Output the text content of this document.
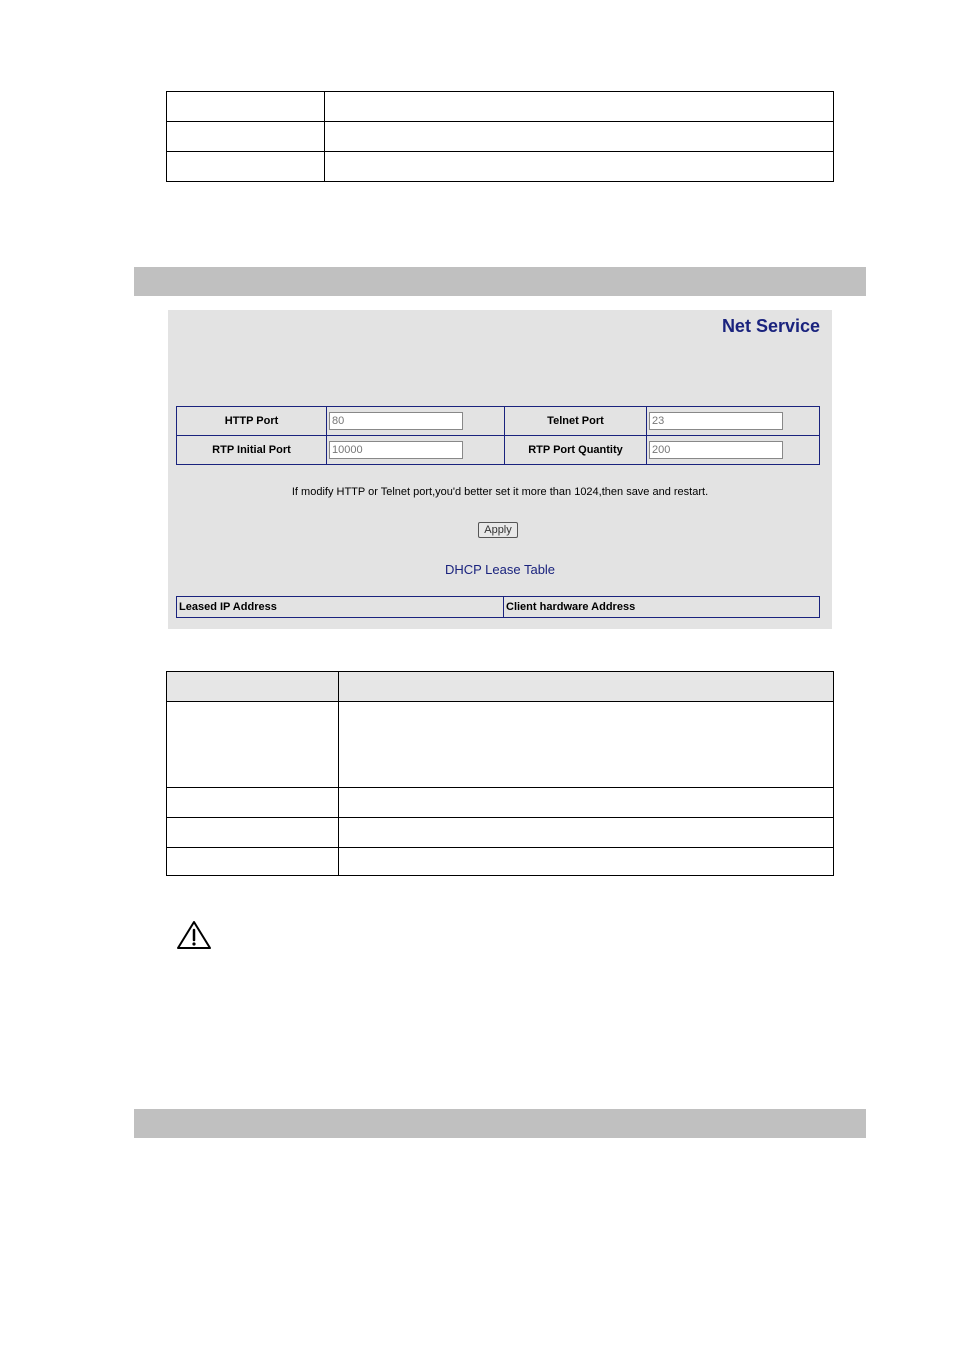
Net Service
HTTP Port	80	Telnet Port	23
RTP Initial Port	10000	RTP Port Quantity	200
If modify HTTP or Telnet port,you'd better set it more than 1024,then save and restart.
Apply
DHCP Lease Table
Leased IP Address	Client hardware Address
